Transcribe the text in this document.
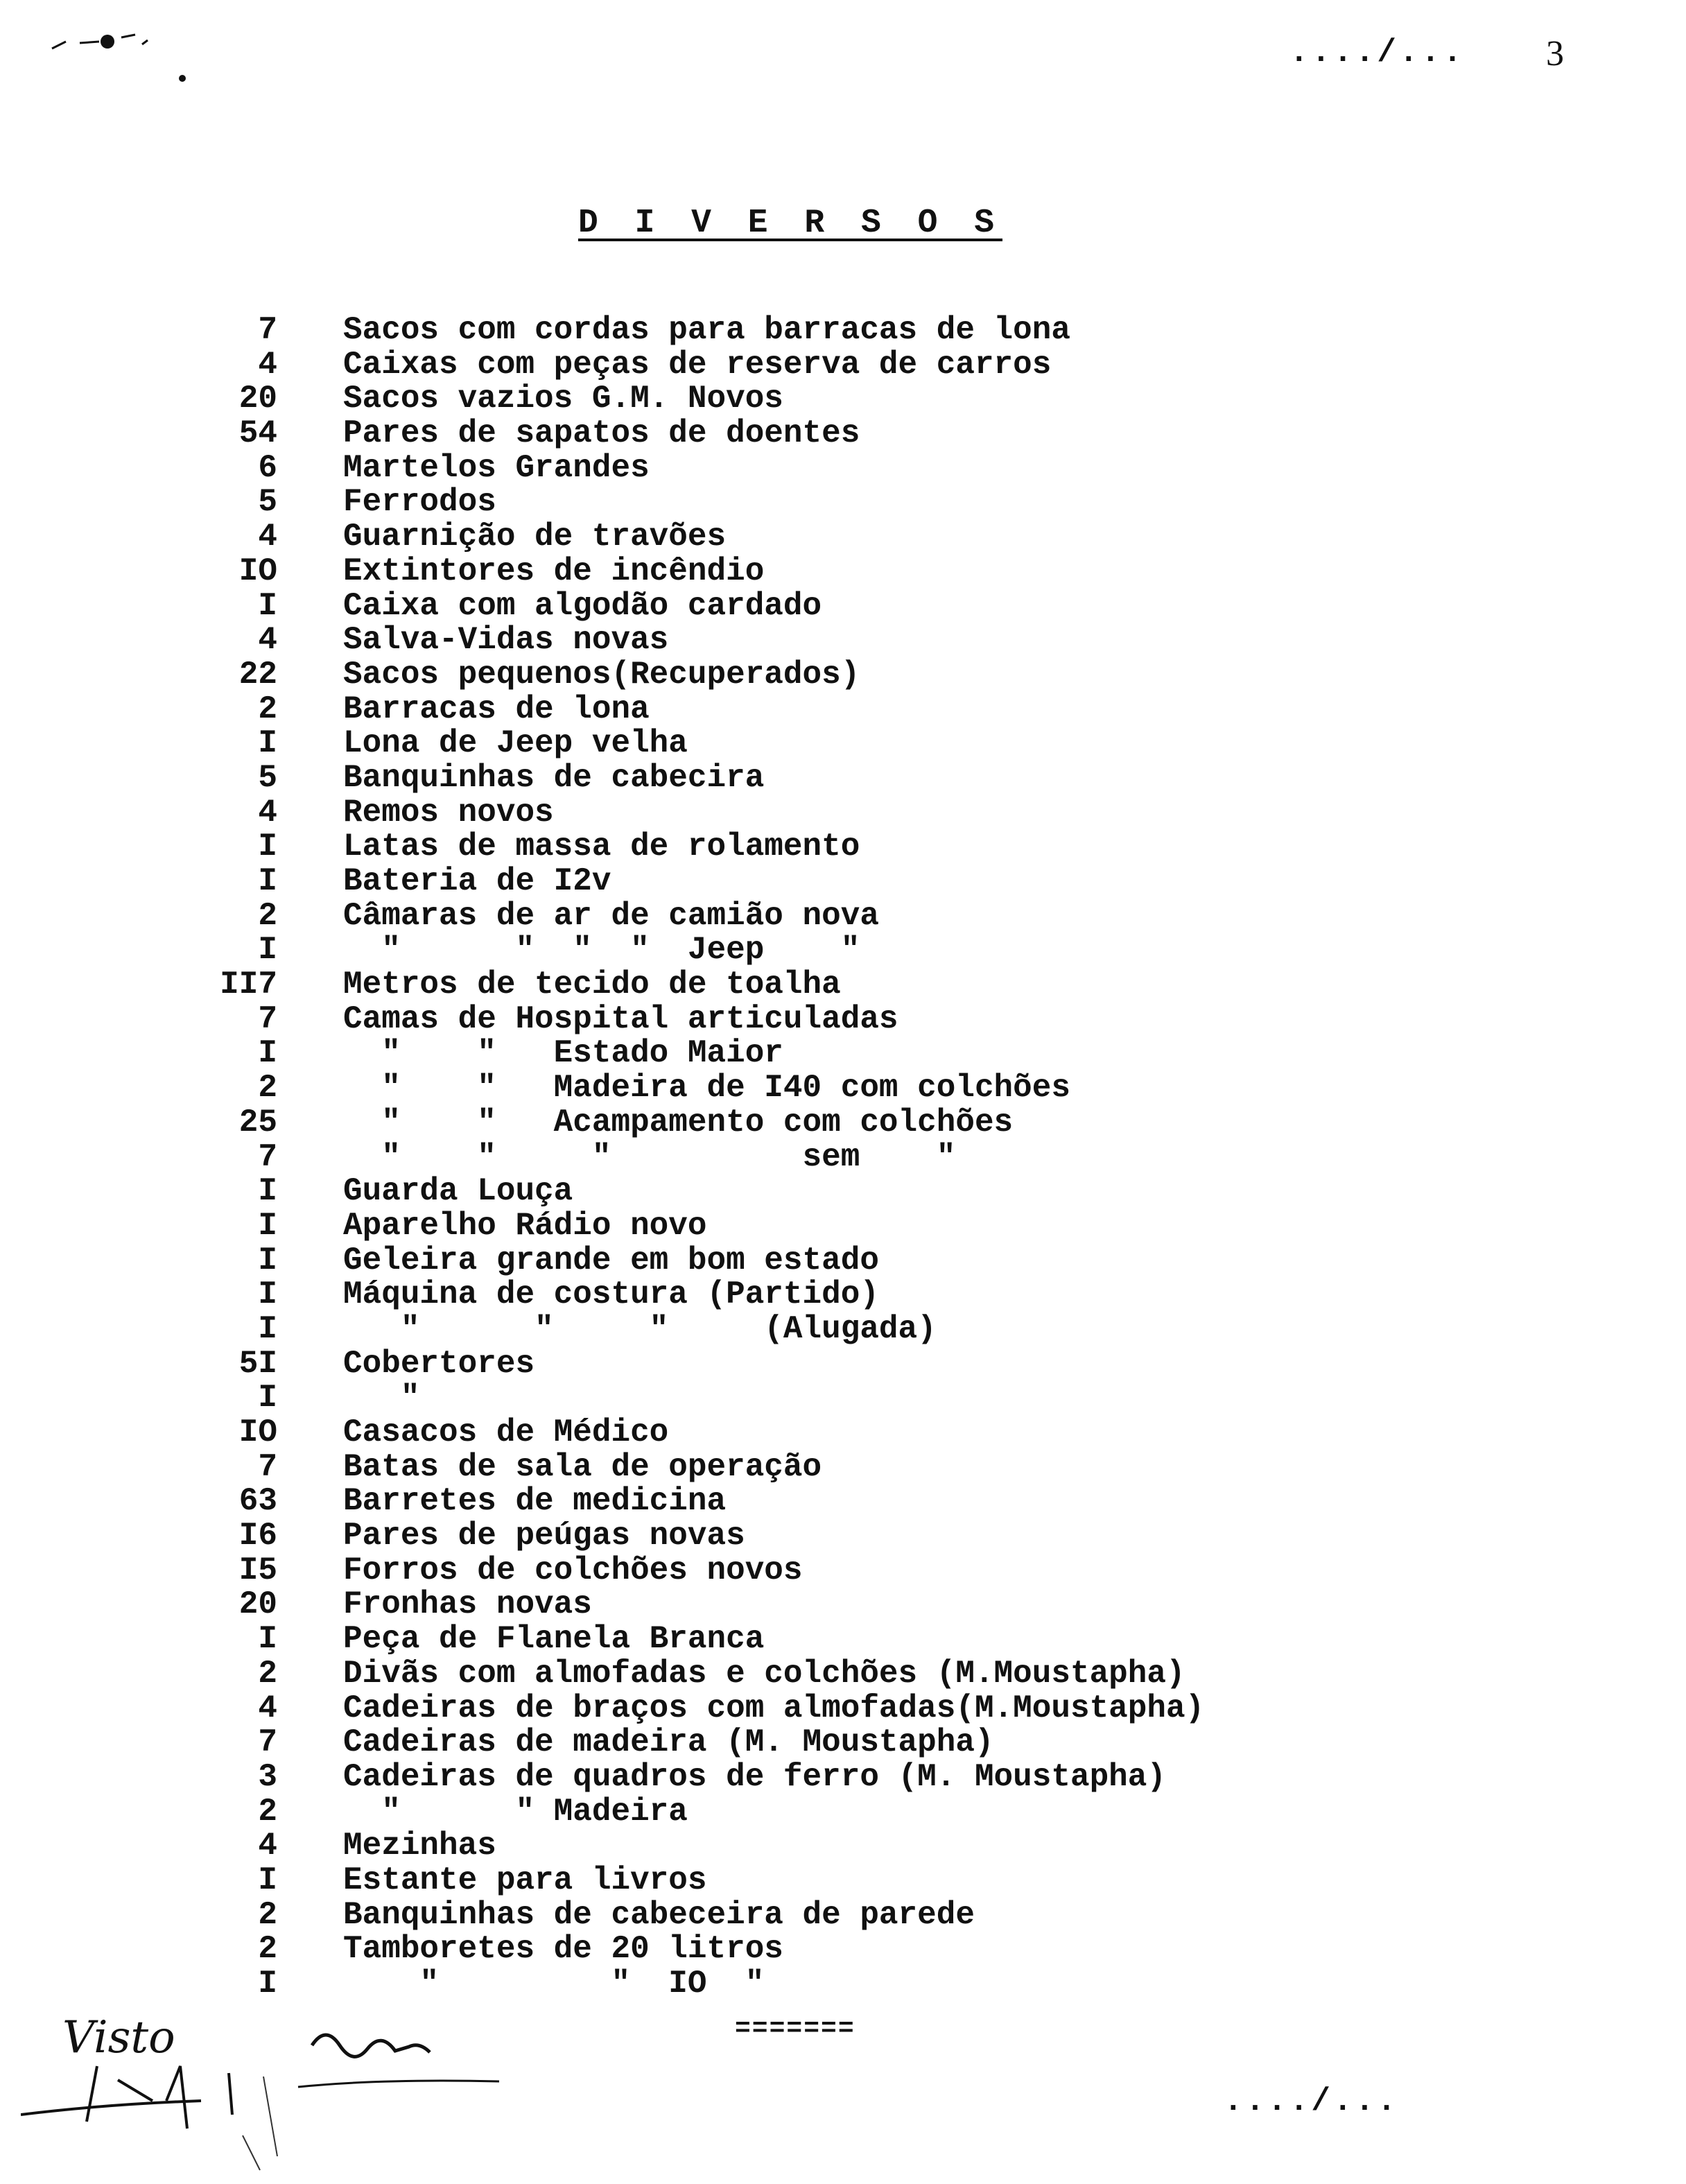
..../... 3
D I V E R S O S
7	Sacos com cordas para barracas de lona
4	Caixas com peças de reserva de carros
20	Sacos vazios G.M. Novos
54	Pares de sapatos de doentes
6	Martelos Grandes
5	Ferrodos
4	Guarnição de travões
IO	Extintores de incêndio
I	Caixa com algodão cardado
4	Salva-Vidas novas
22	Sacos pequenos(Recuperados)
2	Barracas de lona
I	Lona de Jeep velha
5	Banquinhas de cabecira
4	Remos novos
I	Latas de massa de rolamento
I	Bateria de I2v
2	Câmaras de ar de camião nova
I	"      "  "  "  Jeep    "
II7	Metros de tecido de toalha
7	Camas de Hospital articuladas
I	"    "   Estado Maior
2	"    "   Madeira de I40 com colchões
25	"    "   Acampamento com colchões
7	"    "     "          sem    "
I	Guarda Louça
I	Aparelho Rádio novo
I	Geleira grande em bom estado
I	Máquina de costura (Partido)
I	"      "     "     (Alugada)
5I	Cobertores
I	"
IO	Casacos de Médico
7	Batas de sala de operação
63	Barretes de medicina
I6	Pares de peúgas novas
I5	Forros de colchões novos
20	Fronhas novas
I	Peça de Flanela Branca
2	Divãs com almofadas e colchões (M.Moustapha)
4	Cadeiras de braços com almofadas(M.Moustapha)
7	Cadeiras de madeira (M. Moustapha)
3	Cadeiras de quadros de ferro (M. Moustapha)
2	"      " Madeira
4	Mezinhas
I	Estante para livros
2	Banquinhas de cabeceira de parede
2	Tamboretes de 20 litros
I	"         "  IO  "
=======
..../...
Visto
